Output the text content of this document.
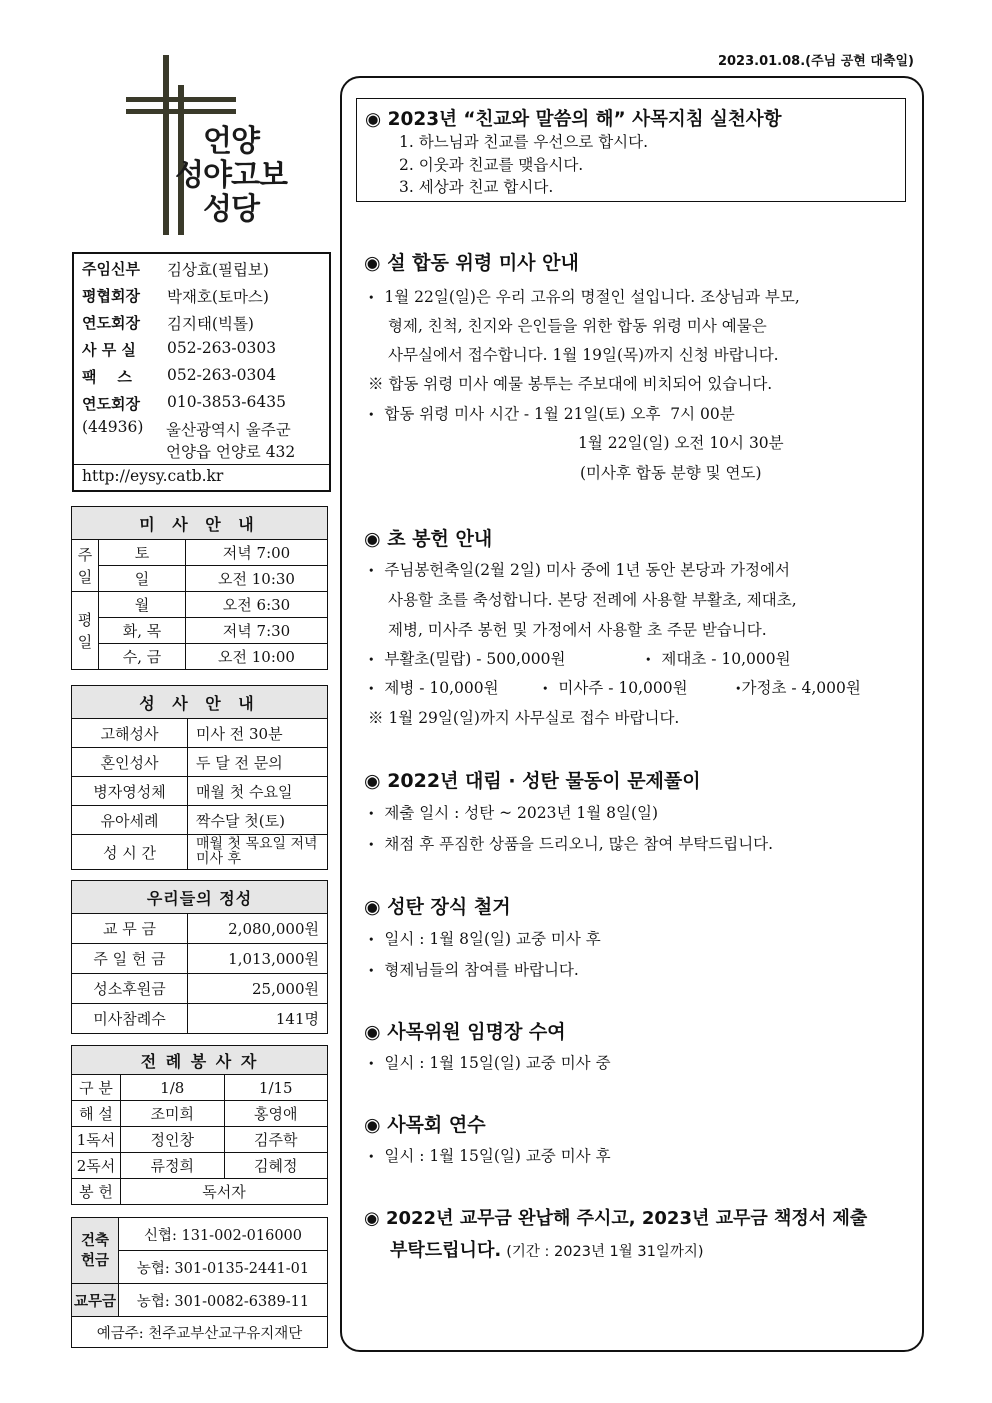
2023.01.08.(주님 공현 대축일)
언양
성야고보
성당
주임신부	김상효(필립보)
평협회장	박재호(토마스)
연도회장	김지태(빅톨)
사 무 실	052-263-0303
팩    스	052-263-0304
연도회장	010-3853-6435
(44936) 울산광역시 울주군
언양읍 언양로 432
http://eysy.catb.kr
미 사 안 내		
주일	토	저녁 7:00
	일	오전 10:30
평일	월	오전 6:30
	화, 목	저녁 7:30
	수, 금	오전 10:00
성 사 안 내	
고해성사	미사 전 30분
혼인성사	두 달 전 문의
병자영성체	매월 첫 수요일
유아세례	짝수달 첫(토)
성 시 간	매월 첫 목요일 저녁미사 후
우리들의 정성	
교 무 금	2,080,000원
주 일 헌 금	1,013,000원
성소후원금	25,000원
미사참례수	141명
전 례 봉 사 자		
구 분	1/8	1/15
해 설	조미희	홍영애
1독서	정인창	김주학
2독서	류정희	김혜정
봉 헌	독서자	
건축 헌금	신협: 131-002-016000
	농협: 301-0135-2441-01
교무금	농협: 301-0082-6389-11
예금주: 천주교부산교구유지재단	
◉ 2023년 “친교와 말씀의 해” 사목지침 실천사항
1. 하느님과 친교를 우선으로 합시다.
2. 이웃과 친교를 맺읍시다.
3. 세상과 친교 합시다.
◉ 설 합동 위령 미사 안내
• 1월 22일(일)은 우리 고유의 명절인 설입니다. 조상님과 부모,
형제, 친척, 친지와 은인들을 위한 합동 위령 미사 예물은
사무실에서 접수합니다. 1월 19일(목)까지 신청 바랍니다.
※ 합동 위령 미사 예물 봉투는 주보대에 비치되어 있습니다.
• 합동 위령 미사 시간 - 1월 21일(토) 오후  7시 00분
1월 22일(일) 오전 10시 30분
(미사후 합동 분향 및 연도)
◉ 초 봉헌 안내
• 주님봉헌축일(2월 2일) 미사 중에 1년 동안 본당과 가정에서
사용할 초를 축성합니다. 본당 전례에 사용할 부활초, 제대초,
제병, 미사주 봉헌 및 가정에서 사용할 초 주문 받습니다.
• 부활초(밀랍) - 500,000원	• 제대초 - 10,000원
• 제병 - 10,000원	• 미사주 - 10,000원	•가정초 - 4,000원
※ 1월 29일(일)까지 사무실로 접수 바랍니다.
◉ 2022년 대림 · 성탄 물동이 문제풀이
• 제출 일시 : 성탄 ~ 2023년 1월 8일(일)
• 채점 후 푸짐한 상품을 드리오니, 많은 참여 부탁드립니다.
◉ 성탄 장식 철거
• 일시 : 1월 8일(일) 교중 미사 후
• 형제님들의 참여를 바랍니다.
◉ 사목위원 임명장 수여
• 일시 : 1월 15일(일) 교중 미사 중
◉ 사목회 연수
• 일시 : 1월 15일(일) 교중 미사 후
◉ 2022년 교무금 완납해 주시고, 2023년 교무금 책정서 제출
부탁드립니다. (기간 : 2023년 1월 31일까지)
